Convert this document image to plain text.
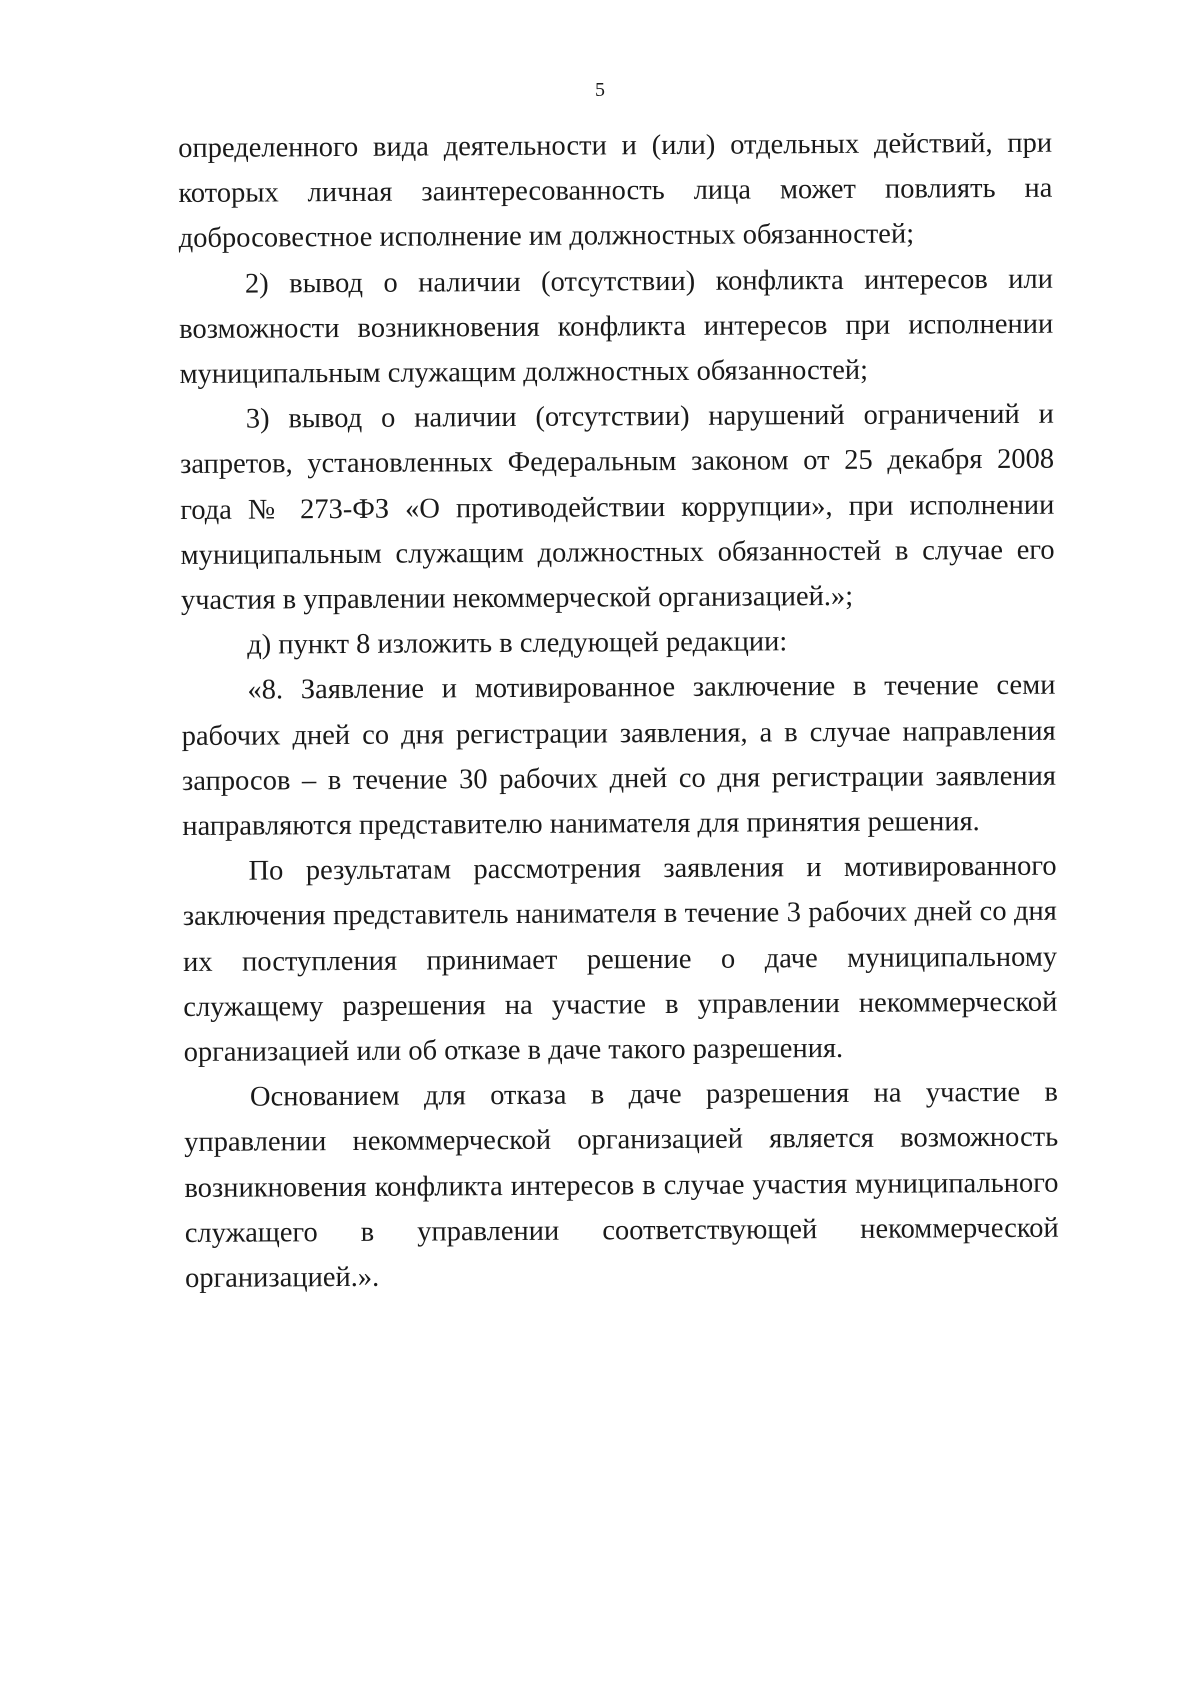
5

определенного вида деятельности и (или) отдельных действий, при которых личная заинтересованность лица может повлиять на добросовестное исполнение им должностных обязанностей;

2) вывод о наличии (отсутствии) конфликта интересов или возможности возникновения конфликта интересов при исполнении муниципальным служащим должностных обязанностей;

3) вывод о наличии (отсутствии) нарушений ограничений и запретов, установленных Федеральным законом от 25 декабря 2008 года № 273-ФЗ «О противодействии коррупции», при исполнении муниципальным служащим должностных обязанностей в случае его участия в управлении некоммерческой организацией.»;

д) пункт 8 изложить в следующей редакции:

«8. Заявление и мотивированное заключение в течение семи рабочих дней со дня регистрации заявления, а в случае направления запросов – в течение 30 рабочих дней со дня регистрации заявления направляются представителю нанимателя для принятия решения.

По результатам рассмотрения заявления и мотивированного заключения представитель нанимателя в течение 3 рабочих дней со дня их поступления принимает решение о даче муниципальному служащему разрешения на участие в управлении некоммерческой организацией или об отказе в даче такого разрешения.

Основанием для отказа в даче разрешения на участие в управлении некоммерческой организацией является возможность возникновения конфликта интересов в случае участия муниципального служащего в управлении соответствующей некоммерческой организацией.».
